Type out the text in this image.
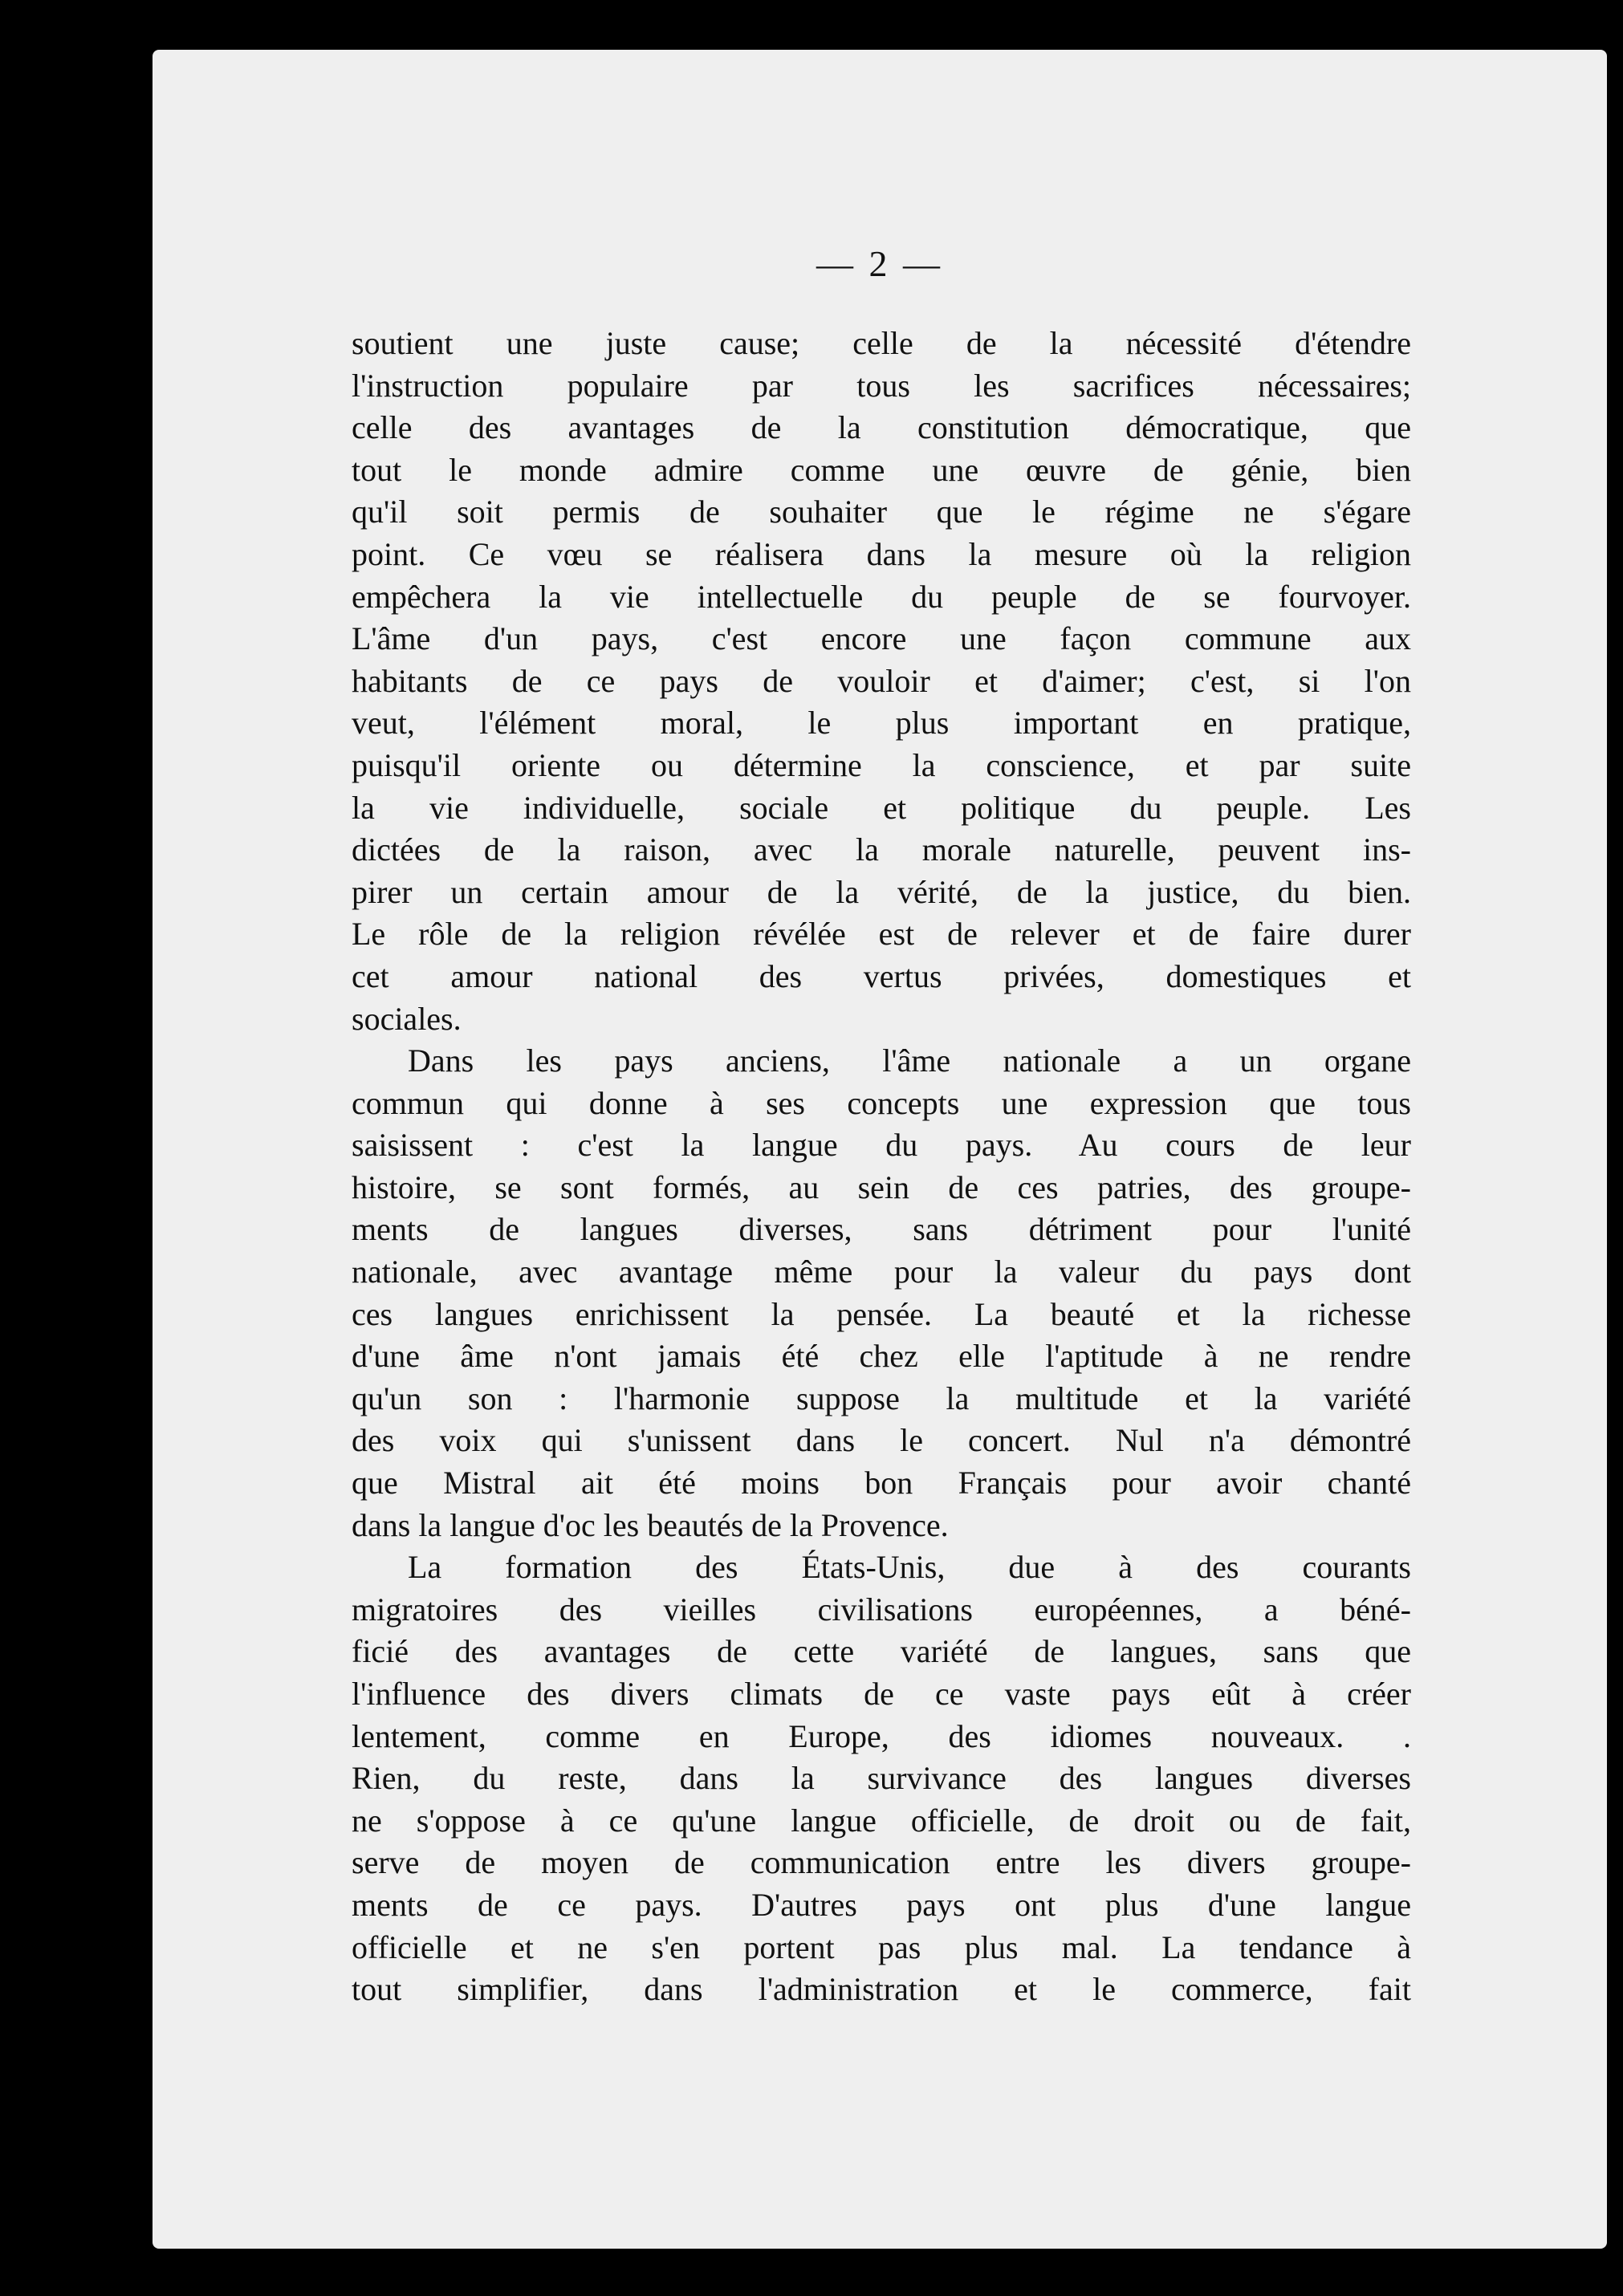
— 2 —
soutient une juste cause; celle de la nécessité d'étendre
l'instruction populaire par tous les sacrifices nécessaires;
celle des avantages de la constitution démocratique, que
tout le monde admire comme une œuvre de génie, bien
qu'il soit permis de souhaiter que le régime ne s'égare
point. Ce vœu se réalisera dans la mesure où la religion
empêchera la vie intellectuelle du peuple de se fourvoyer.
L'âme d'un pays, c'est encore une façon commune aux
habitants de ce pays de vouloir et d'aimer; c'est, si l'on
veut, l'élément moral, le plus important en pratique,
puisqu'il oriente ou détermine la conscience, et par suite
la vie individuelle, sociale et politique du peuple. Les
dictées de la raison, avec la morale naturelle, peuvent ins-
pirer un certain amour de la vérité, de la justice, du bien.
Le rôle de la religion révélée est de relever et de faire durer
cet amour national des vertus privées, domestiques et
sociales.
Dans les pays anciens, l'âme nationale a un organe
commun qui donne à ses concepts une expression que tous
saisissent : c'est la langue du pays. Au cours de leur
histoire, se sont formés, au sein de ces patries, des groupe-
ments de langues diverses, sans détriment pour l'unité
nationale, avec avantage même pour la valeur du pays dont
ces langues enrichissent la pensée. La beauté et la richesse
d'une âme n'ont jamais été chez elle l'aptitude à ne rendre
qu'un son : l'harmonie suppose la multitude et la variété
des voix qui s'unissent dans le concert. Nul n'a démontré
que Mistral ait été moins bon Français pour avoir chanté
dans la langue d'oc les beautés de la Provence.
La formation des États-Unis, due à des courants
migratoires des vieilles civilisations européennes, a béné-
ficié des avantages de cette variété de langues, sans que
l'influence des divers climats de ce vaste pays eût à créer
lentement, comme en Europe, des idiomes nouveaux. .
Rien, du reste, dans la survivance des langues diverses
ne s'oppose à ce qu'une langue officielle, de droit ou de fait,
serve de moyen de communication entre les divers groupe-
ments de ce pays. D'autres pays ont plus d'une langue
officielle et ne s'en portent pas plus mal. La tendance à
tout simplifier, dans l'administration et le commerce, fait
